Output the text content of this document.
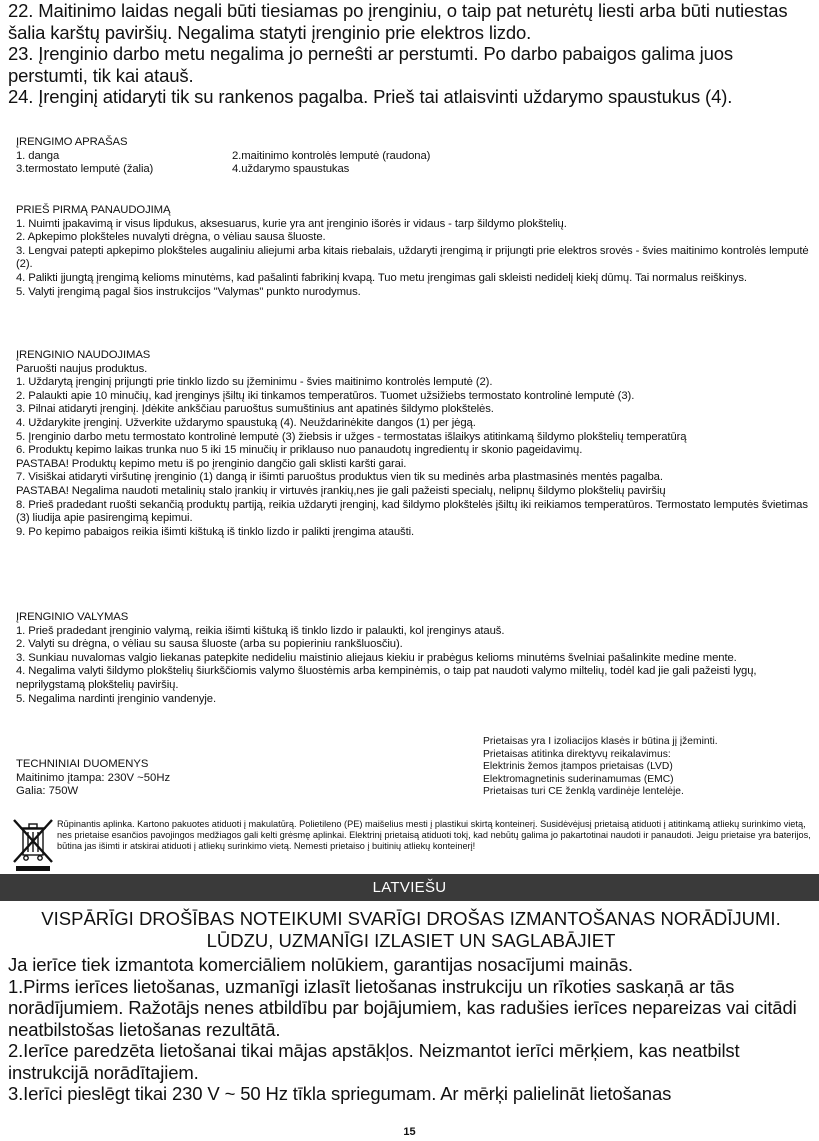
22. Maitinimo laidas negali būti tiesiamas po įrenginiu, o taip pat neturėtų liesti arba būti nutiestas šalia karštų paviršių. Negalima statyti įrenginio prie elektros lizdo.

23. Įrenginio darbo metu negalima jo perneŝti ar perstumti. Po darbo pabaigos galima juos perstumti, tik kai atauš.

24. Įrenginį atidaryti tik su rankenos pagalba. Prieš tai atlaisvinti uždarymo spaustukus (4).

ĮRENGIMO APRAŠAS

1. danga	2.maitinimo kontrolės lemputė (raudona)

3.termostato lemputė (žalia)	4.uždarymo spaustukas

PRIEŠ PIRMĄ PANAUDOJIMĄ

1. Nuimti įpakavimą ir visus lipdukus, aksesuarus, kurie yra ant įrenginio išorės ir vidaus - tarp šildymo plokštelių.

2. Apkepimo plokšteles nuvalyti drėgna, o vėliau sausa šluoste.

3. Lengvai patepti apkepimo plokšteles augaliniu aliejumi arba kitais riebalais, uždaryti įrengimą ir prijungti prie elektros srovės - švies maitinimo kontrolės lemputė (2).

4. Palikti įjungtą įrengimą kelioms minutėms, kad pašalinti fabrikinį kvapą. Tuo metu įrengimas gali skleisti nedidelį kiekį dūmų. Tai normalus reiškinys.

5. Valyti įrengimą pagal šios instrukcijos "Valymas" punkto nurodymus.

ĮRENGINIO NAUDOJIMAS

Paruošti naujus produktus.

1. Uždarytą įrenginį prijungti prie tinklo lizdo su įžeminimu - švies maitinimo kontrolės lemputė (2).

2. Palaukti apie 10 minučių, kad įrenginys įšiltų iki tinkamos temperatūros. Tuomet užsižiebs termostato kontrolinė lemputė (3).

3. Pilnai atidaryti įrenginį. Įdėkite ankščiau paruoštus sumuštinius ant apatinės šildymo plokštelės.

4. Uždarykite įrenginį. Užverkite uždarymo spaustuką (4). Neuždarinėkite dangos (1) per jėgą.

5. Įrenginio darbo metu termostato kontrolinė lemputė (3) žiebsis ir užges - termostatas išlaikys atitinkamą šildymo plokštelių temperatūrą

6. Produktų kepimo laikas trunka nuo 5 iki 15 minučių ir priklauso nuo panaudotų ingredientų ir skonio pageidavimų.

PASTABA! Produktų kepimo metu iš po įrenginio dangčio gali sklisti karšti garai.

7. Visiškai atidaryti viršutinę įrenginio (1) dangą ir išimti paruoštus produktus vien tik su medinės arba plastmasinės mentės pagalba.

PASTABA! Negalima naudoti metalinių stalo įrankių ir virtuvės įrankių,nes jie gali pažeisti specialų, nelipnų šildymo plokštelių paviršių

8. Prieš pradedant ruošti sekančią produktų partiją, reikia uždaryti įrenginį, kad šildymo plokštelės įšiltų iki reikiamos temperatūros. Termostato lemputės švietimas (3) liudija apie pasirengimą kepimui.

9. Po kepimo pabaigos reikia išimti kištuką iš tinklo lizdo ir palikti įrengima ataušti.

ĮRENGINIO VALYMAS

1. Prieš pradedant įrenginio valymą, reikia išimti kištuką iš tinklo lizdo ir palaukti, kol įrenginys atauš.

2. Valyti su drėgna, o vėliau su sausa šluoste (arba su popieriniu rankšluosčiu).

3. Sunkiau nuvalomas valgio liekanas patepkite nedideliu maistinio aliejaus kiekiu ir prabėgus kelioms minutėms švelniai pašalinkite medine mente.

4. Negalima valyti šildymo plokštelių šiurkščiomis valymo šluostėmis arba kempinėmis, o taip pat naudoti valymo miltelių, todėl kad jie gali pažeisti lygų, neprilygstamą plokštelių paviršių.

5. Negalima nardinti įrenginio vandenyje.

Prietaisas yra I izoliacijos klasės ir būtina jį įžeminti.

Prietaisas atitinka direktyvų reikalavimus:

Elektrinis žemos įtampos prietaisas (LVD)

Elektromagnetinis suderinamumas (EMC)

Prietaisas turi CE ženklą vardinėje lentelėje.

TECHNINIAI DUOMENYS

Maitinimo įtampa: 230V ~50Hz

Galia: 750W

Rūpinantis aplinka. Kartono pakuotes atiduoti į makulatūrą. Polietileno (PE) maišelius mesti į plastikui skirtą konteinerį. Susidėvėjusį prietaisą atiduoti į atitinkamą atliekų surinkimo vietą, nes prietaise esančios pavojingos medžiagos gali kelti grėsmę aplinkai. Elektrinį prietaisą atiduoti tokį, kad nebūtų galima jo pakartotinai naudoti ir panaudoti. Jeigu prietaise yra baterijos, būtina jas išimti ir atskirai atiduoti į atliekų surinkimo vietą. Nemesti prietaiso į buitinių atliekų konteinerį!
LATVIEŠU

VISPĀRĪGI DROŠĪBAS NOTEIKUMI SVARĪGI DROŠAS IZMANTOŠANAS NORĀDĪJUMI.

LŪDZU, UZMANĪGI IZLASIET UN SAGLABĀJIET

Ja ierīce tiek izmantota komerciāliem nolūkiem, garantijas nosacījumi mainās.

1.Pirms ierīces lietošanas, uzmanīgi izlasīt lietošanas instrukciju un rīkoties saskaņā ar tās norādījumiem. Ražotājs nenes atbildību par bojājumiem, kas radušies ierīces nepareizas vai citādi neatbilstošas lietošanas rezultātā.

2.Ierīce paredzēta lietošanai tikai mājas apstākļos. Neizmantot ierīci mērķiem, kas neatbilst instrukcijā norādītajiem.

3.Ierīci pieslēgt tikai 230 V ~ 50 Hz tīkla spriegumam. Ar mērķi palielināt lietošanas

15
